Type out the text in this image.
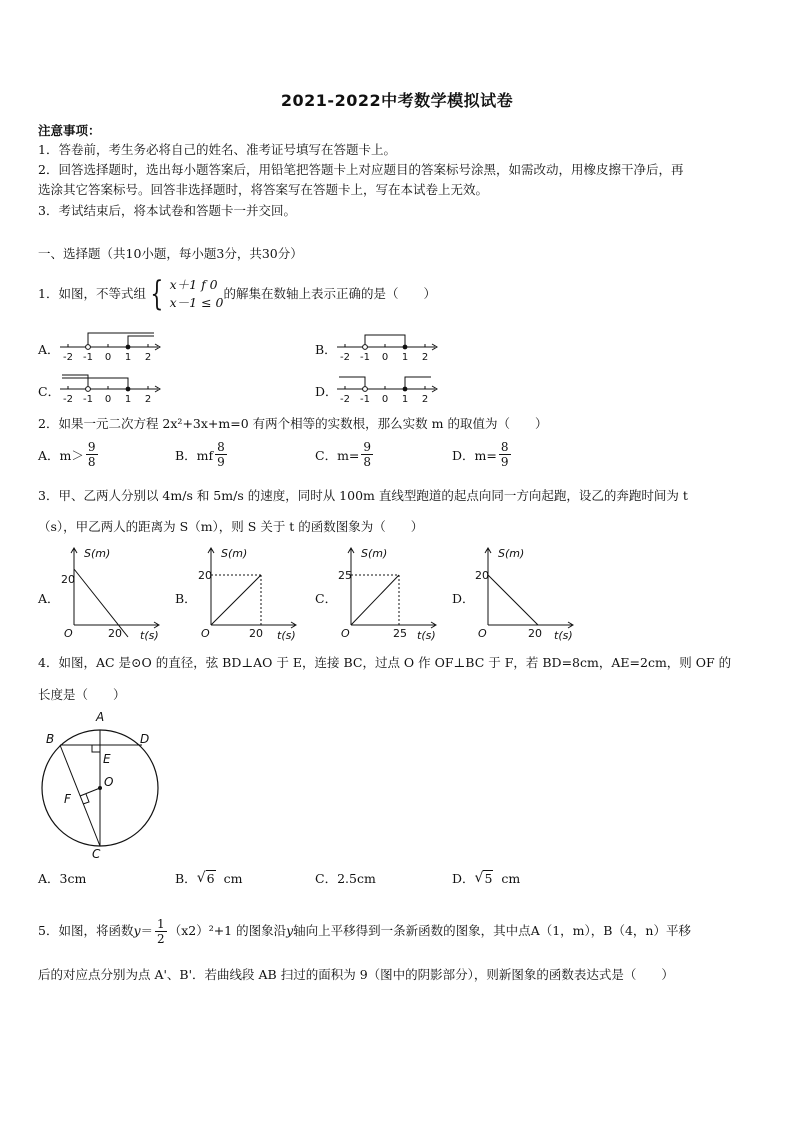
2021-2022中考数学模拟试卷
注意事项：
1．答卷前，考生务必将自己的姓名、准考证号填写在答题卡上。
2．回答选择题时，选出每小题答案后，用铅笔把答题卡上对应题目的答案标号涂黑，如需改动，用橡皮擦干净后，再
选涂其它答案标号。回答非选择题时，将答案写在答题卡上，写在本试卷上无效。
3．考试结束后，将本试卷和答题卡一并交回。
一、选择题（共10小题，每小题3分，共30分）
1．如图，不等式组 { x＋1 f 0
x－1 ≤ 0
的解集在数轴上表示正确的是（　　）
A．
-2 -1 0 1 2
B．
-2 -1 0 1 2
C．
-2 -1 0 1 2
D．
-2 -1 0 1 2
2．如果一元二次方程 2x²+3x+m=0 有两个相等的实数根，那么实数 m 的取值为（　　）
A．$m> \frac{9}{8}$	B．mf $\frac{8}{9}$	C．$m= \frac{9}{8}$	D．$m= \frac{8}{9}$
3．甲、乙两人分别以 4m/s 和 5m/s 的速度，同时从 100m 直线型跑道的起点向同一方向起跑，设乙的奔跑时间为 t
（s），甲乙两人的距离为 S（m），则 S 关于 t 的函数图象为（　　）
A．
S(m)
20
O	20 t(s)
B．
S(m)
20
O	20 t(s)
C．
S(m)
25
O	25 t(s)
D．
S(m)
20
O	20 t(s)
4．如图，AC 是⊙O 的直径，弦 BD⊥AO 于 E，连接 BC，过点 O 作 OF⊥BC 于 F，若 BD=8cm，AE=2cm，则 OF 的
长度是（　　）
A
B	D
E
O
F
C
A．3cm	B． √ 6 cm	C．2.5cm	D． √ 5 cm
5．如图，将函数 $y = \frac{1}{2} (x2)^2+1$ 的图象沿 y 轴向上平移得到一条新函数的图象，其中点 A（1，m），B（4，n）平移
后的对应点分别为点 A'、B'．若曲线段 AB 扫过的面积为 9（图中的阴影部分），则新图象的函数表达式是（　　）
